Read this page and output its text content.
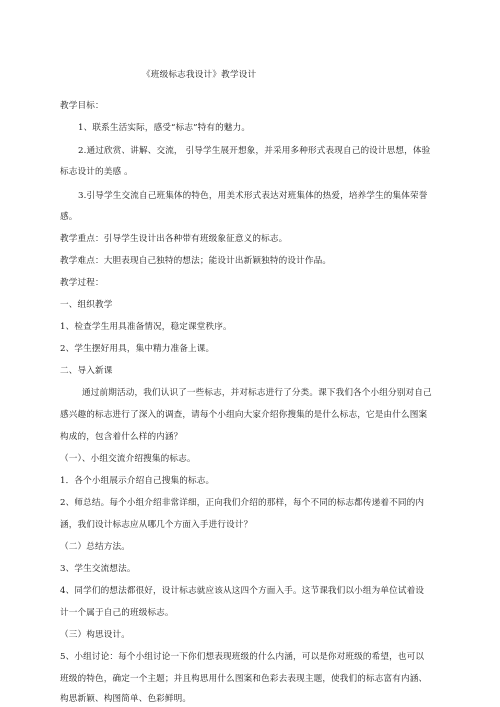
《班级标志我设计》教学设计
教学目标：
1、联系生活实际，感受“标志”特有的魅力。
2.通过欣赏、讲解、交流， 引导学生展开想象，并采用多种形式表现自己的设计思想，体验
标志设计的美感 。
3.引导学生交流自己班集体的特色，用美术形式表达对班集体的热爱，培养学生的集体荣誉
感。
教学重点：引导学生设计出各种带有班级象征意义的标志。
教学难点：大胆表现自己独特的想法；能设计出新颖独特的设计作品。
教学过程：
一、组织教学
1、检查学生用具准备情况，稳定课堂秩序。
2、学生摆好用具，集中精力准备上课。
二、导入新课
通过前期活动，我们认识了一些标志，并对标志进行了分类。课下我们各个小组分别对自己
感兴趣的标志进行了深入的调查，请每个小组向大家介绍你搜集的是什么标志，它是由什么图案
构成的，包含着什么样的内涵？
（一）、小组交流介绍搜集的标志。
1．各个小组展示介绍自己搜集的标志。
2、师总结。每个小组介绍非常详细，正向我们介绍的那样，每个不同的标志都传递着不同的内
涵，我们设计标志应从哪几个方面入手进行设计？
（二）总结方法。
3、学生交流想法。
4、同学们的想法都很好，设计标志就应该从这四个方面入手。这节课我们以小组为单位试着设
计一个属于自己的班级标志。
（三）构思设计。
5、小组讨论：每个小组讨论一下你们想表现班级的什么内涵，可以是你对班级的希望，也可以
班级的特色，确定一个主题；并且构思用什么图案和色彩去表现主题，使我们的标志富有内涵、
构思新颖、构图简单、色彩鲜明。
